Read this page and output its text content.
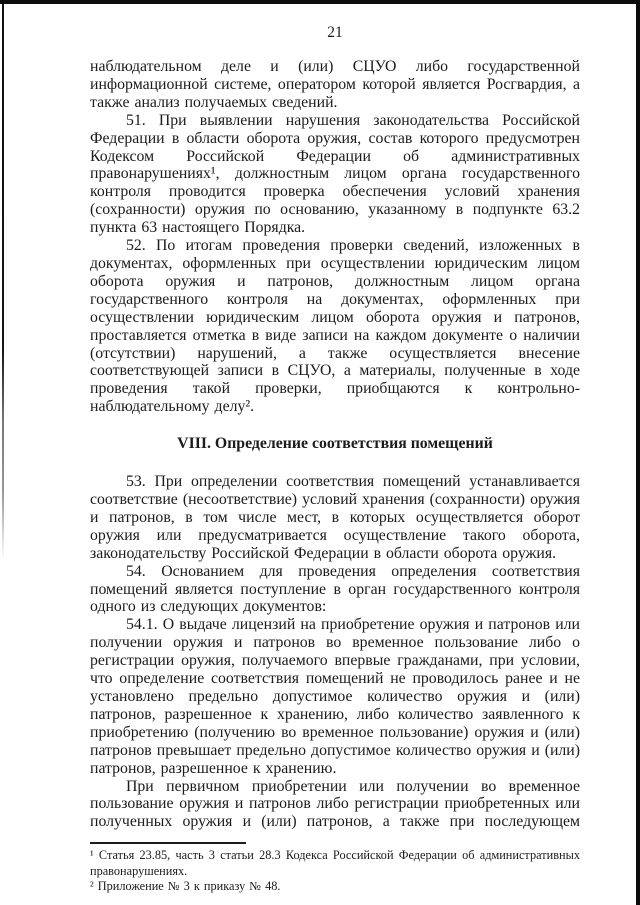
21

наблюдательном деле и (или) СЦУО либо государственной информационной системе, оператором которой является Росгвардия, а также анализ получаемых сведений.

51. При выявлении нарушения законодательства Российской Федерации в области оборота оружия, состав которого предусмотрен Кодексом Российской Федерации об административных правонарушениях¹, должностным лицом органа государственного контроля проводится проверка обеспечения условий хранения (сохранности) оружия по основанию, указанному в подпункте 63.2 пункта 63 настоящего Порядка.

52. По итогам проведения проверки сведений, изложенных в документах, оформленных при осуществлении юридическим лицом оборота оружия и патронов, должностным лицом органа государственного контроля на документах, оформленных при осуществлении юридическим лицом оборота оружия и патронов, проставляется отметка в виде записи на каждом документе о наличии (отсутствии) нарушений, а также осуществляется внесение соответствующей записи в СЦУО, а материалы, полученные в ходе проведения такой проверки, приобщаются к контрольно-наблюдательному делу².

VIII. Определение соответствия помещений

53. При определении соответствия помещений устанавливается соответствие (несоответствие) условий хранения (сохранности) оружия и патронов, в том числе мест, в которых осуществляется оборот оружия или предусматривается осуществление такого оборота, законодательству Российской Федерации в области оборота оружия.

54. Основанием для проведения определения соответствия помещений является поступление в орган государственного контроля одного из следующих документов:

54.1. О выдаче лицензий на приобретение оружия и патронов или получении оружия и патронов во временное пользование либо о регистрации оружия, получаемого впервые гражданами, при условии, что определение соответствия помещений не проводилось ранее и не установлено предельно допустимое количество оружия и (или) патронов, разрешенное к хранению, либо количество заявленного к приобретению (получению во временное пользование) оружия и (или) патронов превышает предельно допустимое количество оружия и (или) патронов, разрешенное к хранению.

При первичном приобретении или получении во временное пользование оружия и патронов либо регистрации приобретенных или полученных оружия и (или) патронов, а также при последующем

¹ Статья 23.85, часть 3 статьи 28.3 Кодекса Российской Федерации об административных правонарушениях.

² Приложение № 3 к приказу № 48.
